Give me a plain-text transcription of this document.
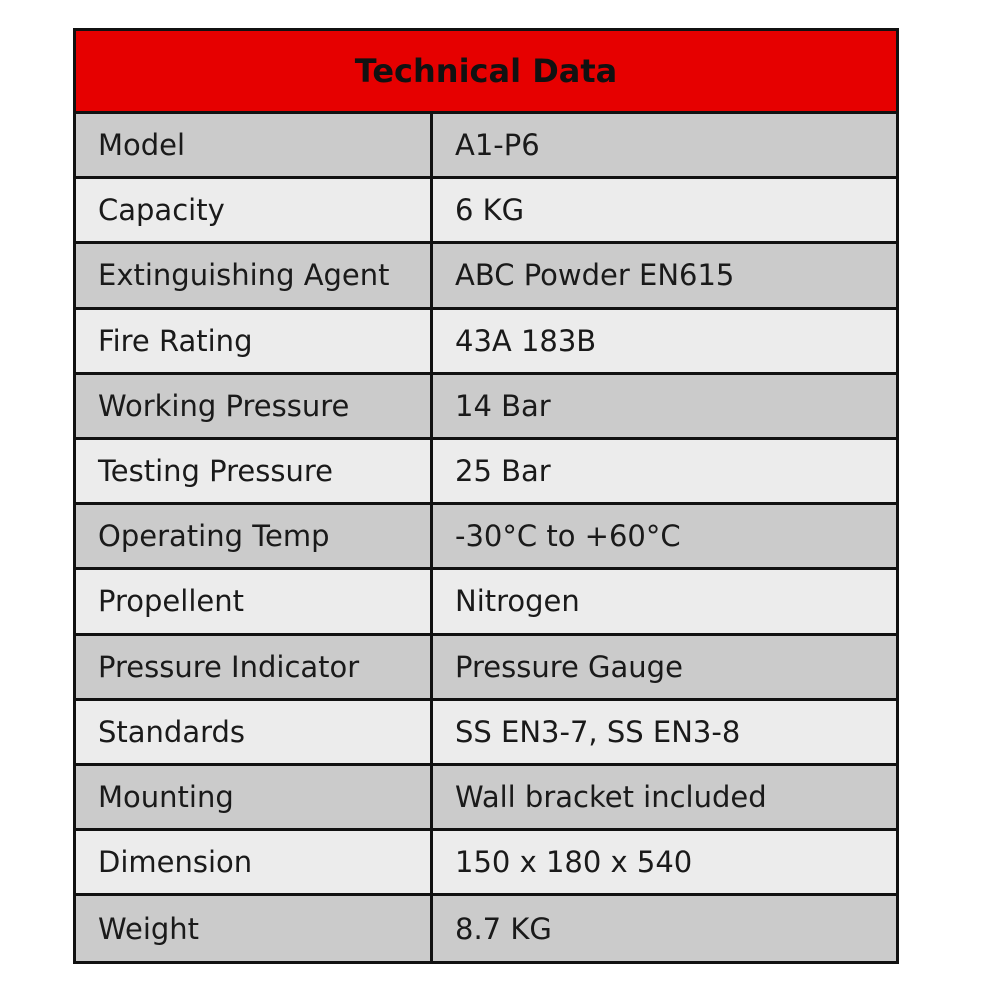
Technical Data
Model	A1-P6
Capacity	6 KG
Extinguishing Agent	ABC Powder EN615
Fire Rating	43A 183B
Working Pressure	14 Bar
Testing Pressure	25 Bar
Operating Temp	-30°C to +60°C
Propellent	Nitrogen
Pressure Indicator	Pressure Gauge
Standards	SS EN3-7, SS EN3-8
Mounting	Wall bracket included
Dimension	150 x 180 x 540
Weight	8.7 KG
